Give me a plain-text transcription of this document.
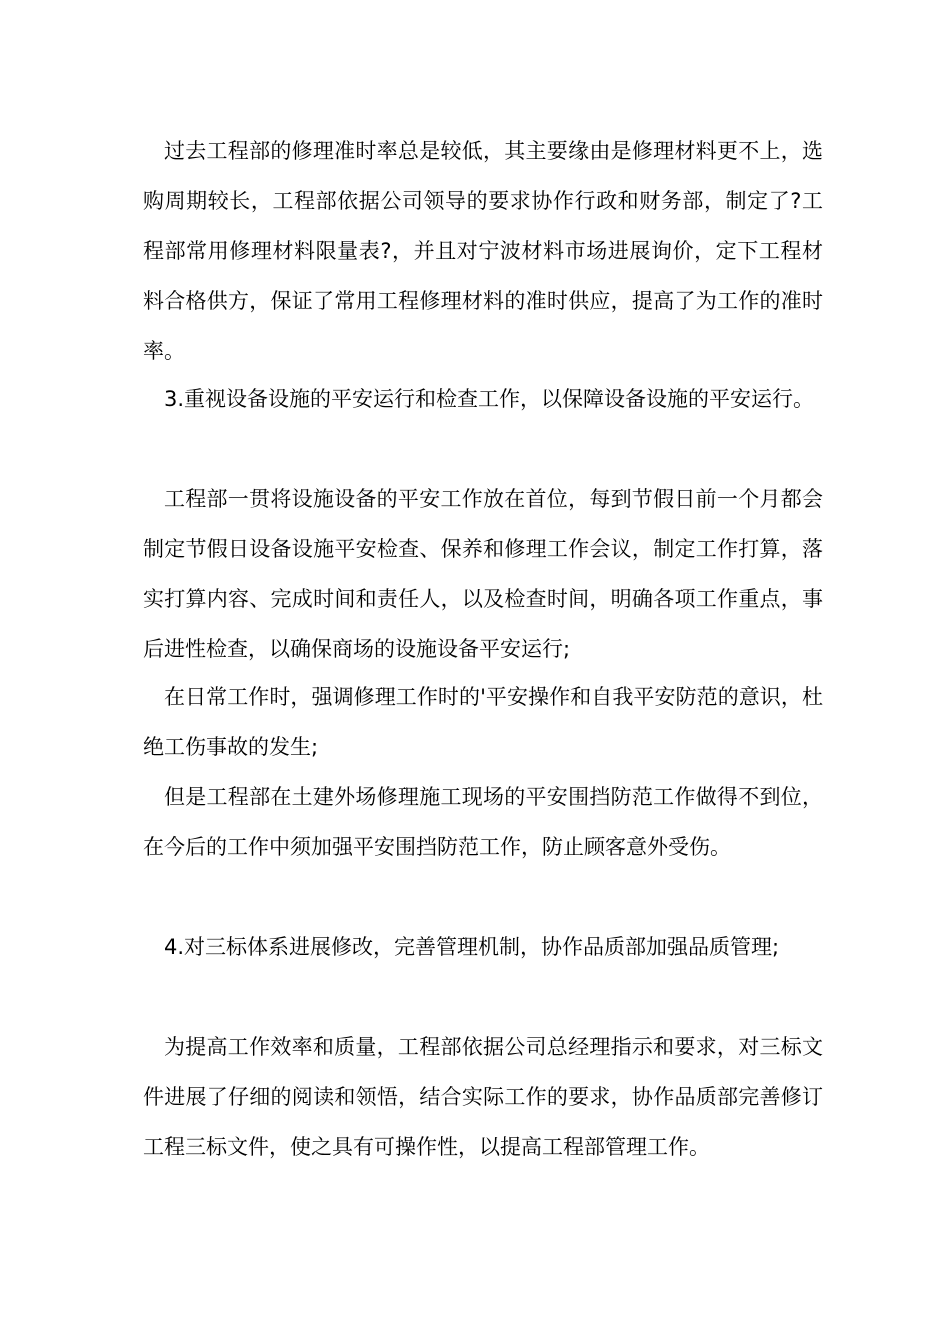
过去工程部的修理准时率总是较低，其主要缘由是修理材料更不上，选购周期较长，工程部依据公司领导的要求协作行政和财务部，制定了?工程部常用修理材料限量表?，并且对宁波材料市场进展询价，定下工程材料合格供方，保证了常用工程修理材料的准时供应，提高了为工作的准时率。

3.重视设备设施的平安运行和检查工作，以保障设备设施的平安运行。

工程部一贯将设施设备的平安工作放在首位，每到节假日前一个月都会制定节假日设备设施平安检查、保养和修理工作会议，制定工作打算，落实打算内容、完成时间和责任人，以及检查时间，明确各项工作重点，事后进性检查，以确保商场的设施设备平安运行;

在日常工作时，强调修理工作时的'平安操作和自我平安防范的意识，杜绝工伤事故的发生;

但是工程部在土建外场修理施工现场的平安围挡防范工作做得不到位，在今后的工作中须加强平安围挡防范工作，防止顾客意外受伤。

4.对三标体系进展修改，完善管理机制，协作品质部加强品质管理;

为提高工作效率和质量，工程部依据公司总经理指示和要求，对三标文件进展了仔细的阅读和领悟，结合实际工作的要求，协作品质部完善修订工程三标文件，使之具有可操作性，以提高工程部管理工作。
